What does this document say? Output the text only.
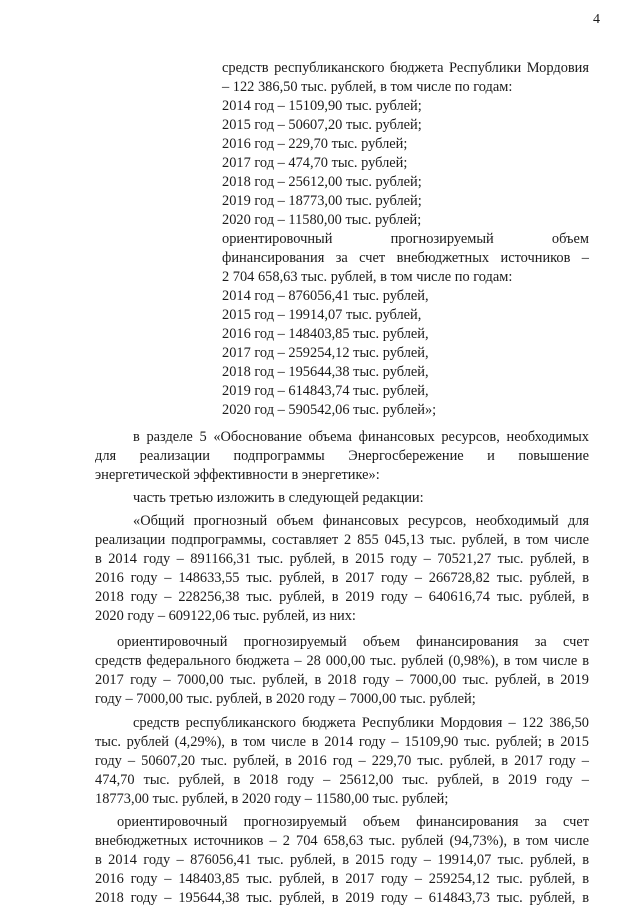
4
средств республиканского бюджета Республики Мордовия
– 122 386,50 тыс. рублей, в том числе по годам:
2014 год – 15109,90 тыс. рублей;
2015 год – 50607,20 тыс. рублей;
2016 год – 229,70 тыс. рублей;
2017 год – 474,70 тыс. рублей;
2018 год – 25612,00 тыс. рублей;
2019 год – 18773,00 тыс. рублей;
2020 год – 11580,00 тыс. рублей;
ориентировочный прогнозируемый объем
финансирования за счет внебюджетных источников –
2 704 658,63 тыс. рублей, в том числе по годам:
2014 год – 876056,41 тыс. рублей,
2015 год – 19914,07 тыс. рублей,
2016 год – 148403,85 тыс. рублей,
2017 год – 259254,12 тыс. рублей,
2018 год – 195644,38 тыс. рублей,
2019 год – 614843,74 тыс. рублей,
2020 год – 590542,06 тыс. рублей»;
в разделе 5 «Обоснование объема финансовых ресурсов, необходимых
для реализации подпрограммы Энергосбережение и повышение
энергетической эффективности в энергетике»:
часть третью изложить в следующей редакции:
«Общий прогнозный объем финансовых ресурсов, необходимый для
реализации подпрограммы, составляет 2 855 045,13 тыс. рублей, в том числе
в 2014 году – 891166,31 тыс. рублей, в 2015 году – 70521,27 тыс. рублей, в
2016 году – 148633,55 тыс. рублей, в 2017 году – 266728,82 тыс. рублей, в
2018 году – 228256,38 тыс. рублей, в 2019 году – 640616,74 тыс. рублей, в
2020 году – 609122,06 тыс. рублей, из них:
ориентировочный прогнозируемый объем финансирования за счет
средств федерального бюджета – 28 000,00 тыс. рублей (0,98%), в том числе в
2017 году – 7000,00 тыс. рублей, в 2018 году – 7000,00 тыс. рублей, в 2019
году – 7000,00 тыс. рублей, в 2020 году – 7000,00 тыс. рублей;
средств республиканского бюджета Республики Мордовия – 122 386,50
тыс. рублей (4,29%), в том числе в 2014 году – 15109,90 тыс. рублей; в 2015
году – 50607,20 тыс. рублей, в 2016 год – 229,70 тыс. рублей, в 2017 году –
474,70 тыс. рублей, в 2018 году – 25612,00 тыс. рублей, в 2019 году –
18773,00 тыс. рублей, в 2020 году – 11580,00 тыс. рублей;
ориентировочный прогнозируемый объем финансирования за счет
внебюджетных источников – 2 704 658,63 тыс. рублей (94,73%), в том числе
в 2014 году – 876056,41 тыс. рублей, в 2015 году – 19914,07 тыс. рублей, в
2016 году – 148403,85 тыс. рублей, в 2017 году – 259254,12 тыс. рублей, в
2018 году – 195644,38 тыс. рублей, в 2019 году – 614843,73 тыс. рублей, в
